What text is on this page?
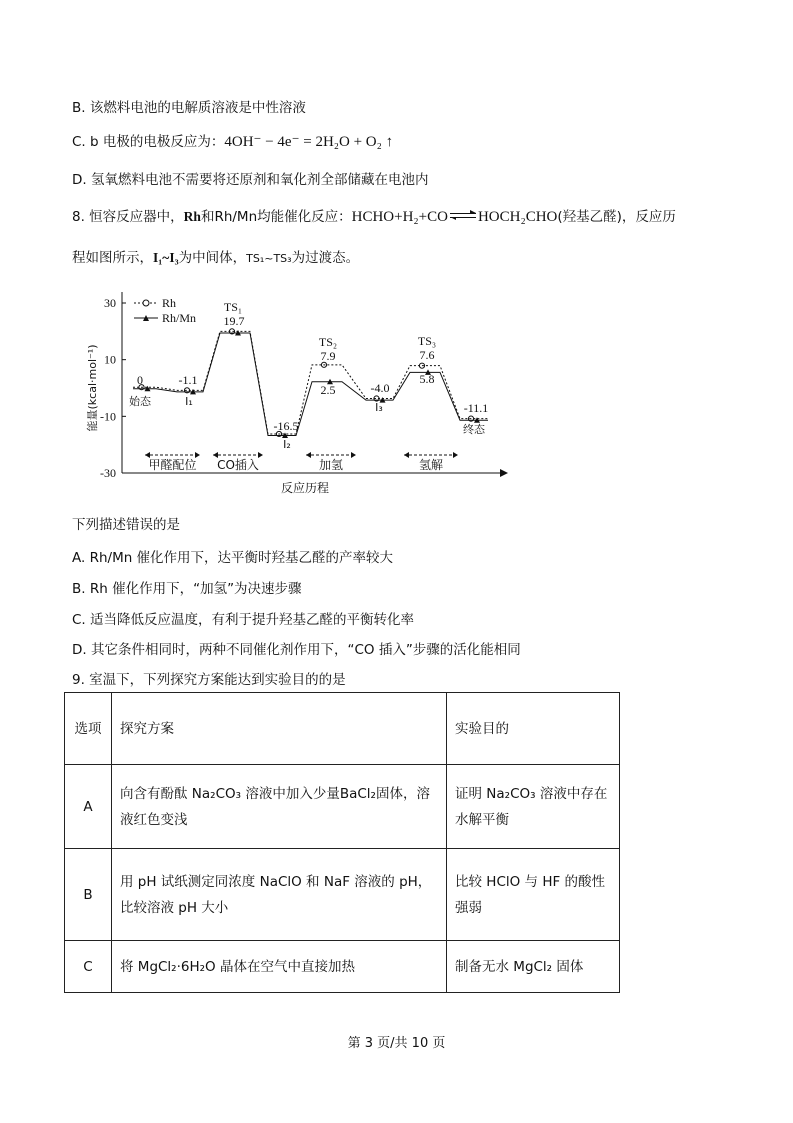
B. 该燃料电池的电解质溶液是中性溶液
C. b 电极的电极反应为：4OH⁻ − 4e⁻ = 2H₂O + O₂ ↑
D. 氢氧燃料电池不需要将还原剂和氧化剂全部储藏在电池内
8. 恒容反应器中，Rh和Rh/Mn均能催化反应：HCHO+H₂+CO HOCH₂CHO(羟基乙醛)，反应历
程如图所示，I₁~I₃为中间体，TS₁~TS₃为过渡态。
30
10
-10
-30
能量(kcal·mol⁻¹)
反应历程
Rh
Rh/Mn
始态	I₁
I₂
I₃
终态
TS₁
TS₂	TS₃
0	-1.1
19.7
-16.5
7.9
2.5	-4.0
7.6
5.8
-11.1
甲醛配位 CO插入	加氢	氢解
下列描述错误的是
A. Rh/Mn 催化作用下，达平衡时羟基乙醛的产率较大
B. Rh 催化作用下，“加氢”为决速步骤
C. 适当降低反应温度，有利于提升羟基乙醛的平衡转化率
D. 其它条件相同时，两种不同催化剂作用下，“CO 插入”步骤的活化能相同
9. 室温下，下列探究方案能达到实验目的的是
选项	探究方案	实验目的
A	向含有酚酞 Na₂CO₃ 溶液中加入少量BaCl₂固体，溶液红色变浅	证明 Na₂CO₃ 溶液中存在水解平衡
B	用 pH 试纸测定同浓度 NaClO 和 NaF 溶液的 pH，比较溶液 pH 大小	比较 HClO 与 HF 的酸性强弱
C	将 MgCl₂·6H₂O 晶体在空气中直接加热	制备无水 MgCl₂ 固体
第 3 页/共 10 页
